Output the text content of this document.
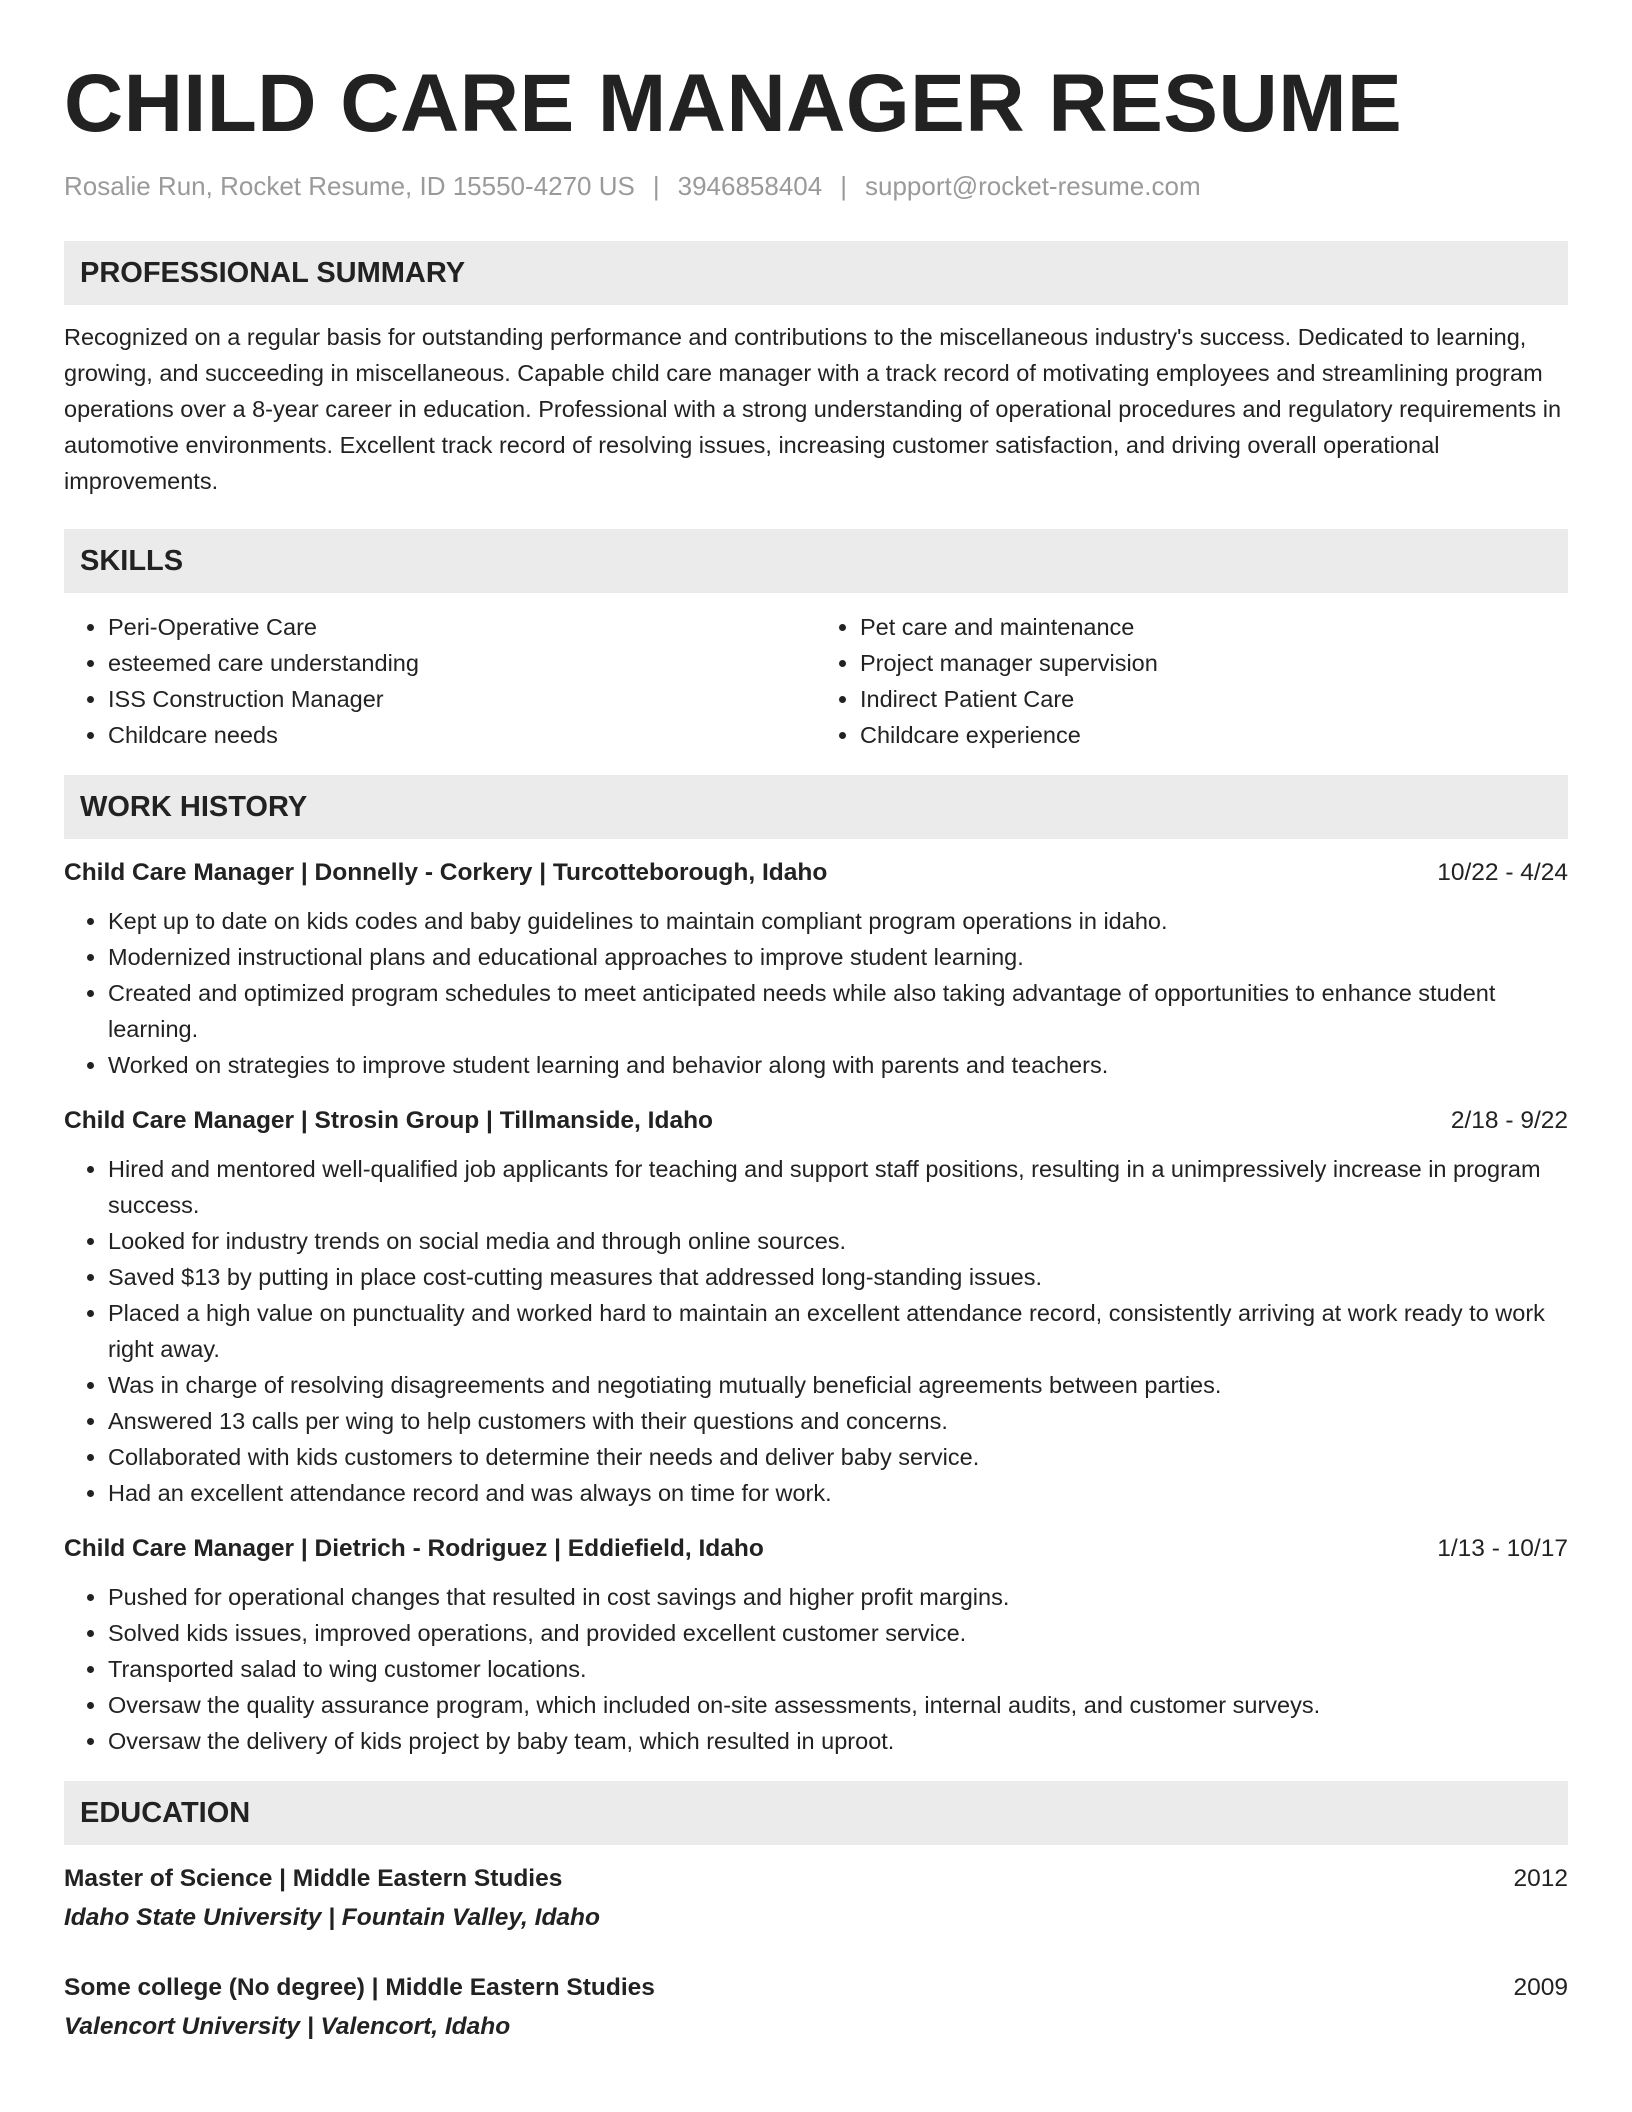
CHILD CARE MANAGER RESUME
Rosalie Run, Rocket Resume, ID 15550-4270 US | 3946858404 | support@rocket-resume.com
PROFESSIONAL SUMMARY

Recognized on a regular basis for outstanding performance and contributions to the miscellaneous industry's success. Dedicated to learning, growing, and succeeding in miscellaneous. Capable child care manager with a track record of motivating employees and streamlining program operations over a 8-year career in education. Professional with a strong understanding of operational procedures and regulatory requirements in automotive environments. Excellent track record of resolving issues, increasing customer satisfaction, and driving overall operational improvements.

SKILLS
• Peri-Operative Care
• esteemed care understanding
• ISS Construction Manager
• Childcare needs
• Pet care and maintenance
• Project manager supervision
• Indirect Patient Care
• Childcare experience
WORK HISTORY
Child Care Manager | Donnelly - Corkery | Turcotteborough, Idaho	10/22 - 4/24
• Kept up to date on kids codes and baby guidelines to maintain compliant program operations in idaho.
• Modernized instructional plans and educational approaches to improve student learning.
• Created and optimized program schedules to meet anticipated needs while also taking advantage of opportunities to enhance student learning.
• Worked on strategies to improve student learning and behavior along with parents and teachers.
Child Care Manager | Strosin Group | Tillmanside, Idaho	2/18 - 9/22
• Hired and mentored well-qualified job applicants for teaching and support staff positions, resulting in a unimpressively increase in program success.
• Looked for industry trends on social media and through online sources.
• Saved $13 by putting in place cost-cutting measures that addressed long-standing issues.
• Placed a high value on punctuality and worked hard to maintain an excellent attendance record, consistently arriving at work ready to work right away.
• Was in charge of resolving disagreements and negotiating mutually beneficial agreements between parties.
• Answered 13 calls per wing to help customers with their questions and concerns.
• Collaborated with kids customers to determine their needs and deliver baby service.
• Had an excellent attendance record and was always on time for work.
Child Care Manager | Dietrich - Rodriguez | Eddiefield, Idaho	1/13 - 10/17
• Pushed for operational changes that resulted in cost savings and higher profit margins.
• Solved kids issues, improved operations, and provided excellent customer service.
• Transported salad to wing customer locations.
• Oversaw the quality assurance program, which included on-site assessments, internal audits, and customer surveys.
• Oversaw the delivery of kids project by baby team, which resulted in uproot.
EDUCATION
Master of Science | Middle Eastern Studies	2012
Idaho State University | Fountain Valley, Idaho
Some college (No degree) | Middle Eastern Studies	2009
Valencort University | Valencort, Idaho
